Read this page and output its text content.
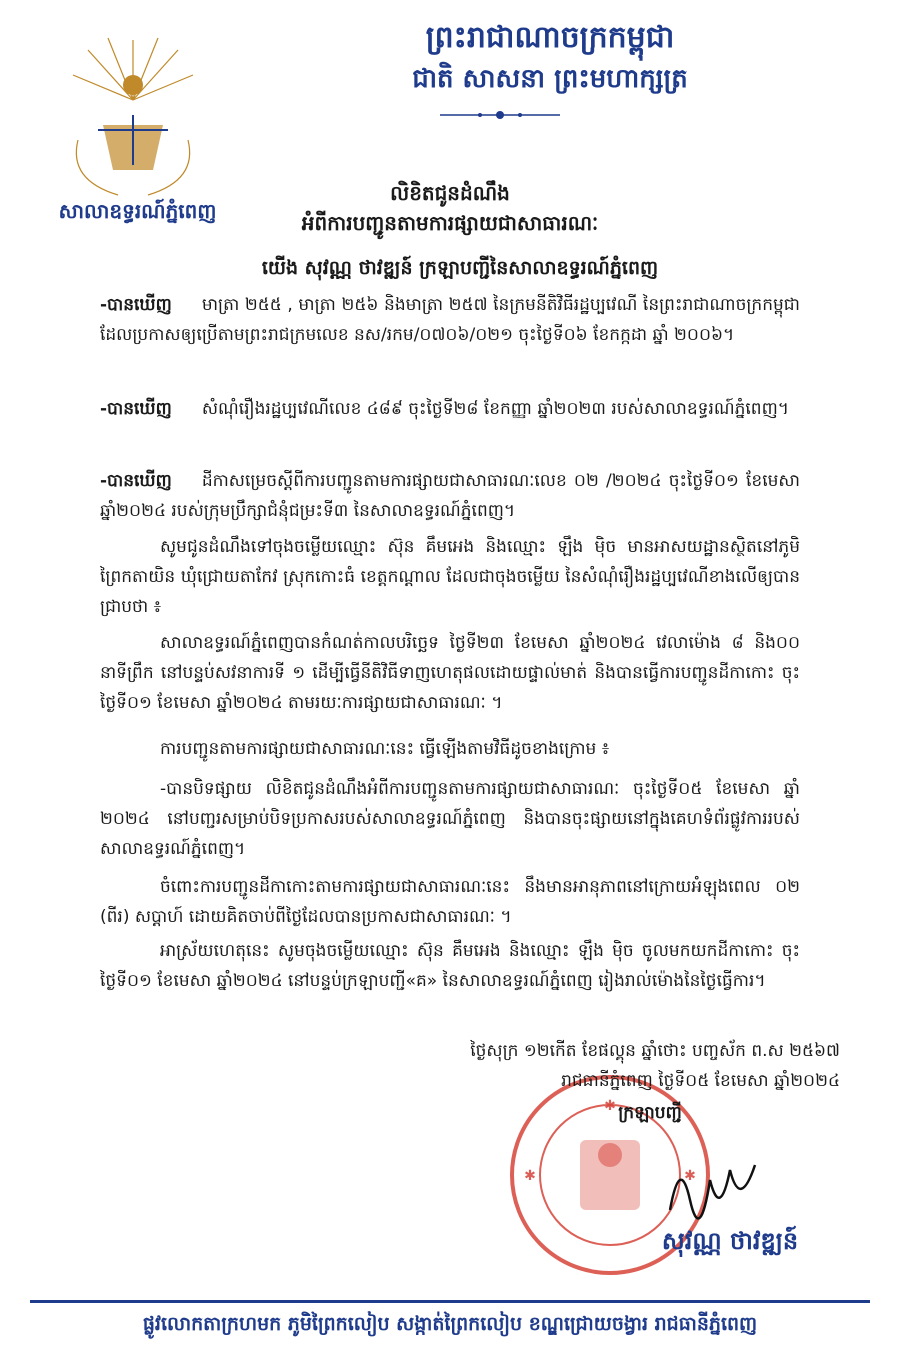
ព្រះរាជាណាចក្រកម្ពុជា
ជាតិ សាសនា ព្រះមហាក្សត្រ
សាលាឧទ្ធរណ៍ភ្នំពេញ
លិខិតជូនដំណឹង
អំពីការបញ្ជូនតាមការផ្សាយជាសាធារណៈ
យើង សុវណ្ណ ថាវឌ្ឍន៍ ក្រឡាបញ្ជីនៃសាលាឧទ្ធរណ៍ភ្នំពេញ
-បានឃើញ មាត្រា ២៥៥ , មាត្រា ២៥៦ និងមាត្រា ២៥៧ នៃក្រមនីតិវិធីរដ្ឋប្បវេណី នៃព្រះរាជាណាចក្រកម្ពុជា ដែលប្រកាសឲ្យប្រើតាមព្រះរាជក្រមលេខ នស/រកម/០៧០៦/០២១ ចុះថ្ងៃទី០៦ ខែកក្កដា ឆ្នាំ ២០០៦។
-បានឃើញ សំណុំរឿងរដ្ឋប្បវេណីលេខ ៤៨៩ ចុះថ្ងៃទី២៨ ខែកញ្ញា ឆ្នាំ២០២៣ របស់សាលាឧទ្ធរណ៍ភ្នំពេញ។
-បានឃើញ ដីកាសម្រេចស្តីពីការបញ្ជូនតាមការផ្សាយជាសាធារណៈលេខ ០២ /២០២៤ ចុះថ្ងៃទី០១ ខែមេសា ឆ្នាំ២០២៤ របស់ក្រុមប្រឹក្សាជំនុំជម្រះទី៣ នៃសាលាឧទ្ធរណ៍ភ្នំពេញ។
សូមជូនដំណឹងទៅចុងចម្លើយឈ្មោះ ស៊ុន គឹមអេង និងឈ្មោះ ឡឹង ម៉ិច មានអាសយដ្ឋានស្ថិតនៅភូមិព្រៃកតាយិន ឃុំជ្រោយតាកែវ ស្រុកកោះធំ ខេត្តកណ្តាល ដែលជាចុងចម្លើយ នៃសំណុំរឿងរដ្ឋប្បវេណីខាងលើឲ្យបានជ្រាបថា ៖
សាលាឧទ្ធរណ៍ភ្នំពេញបានកំណត់កាលបរិច្ឆេទ ថ្ងៃទី២៣ ខែមេសា ឆ្នាំ២០២៤ វេលាម៉ោង ៨ និង០០ នាទីព្រឹក នៅបន្ទប់សវនាការទី ១ ដើម្បីធ្វើនីតិវិធីទាញហេតុផលដោយផ្ទាល់មាត់ និងបានធ្វើការបញ្ជូនដីកាកោះ ចុះថ្ងៃទី០១ ខែមេសា ឆ្នាំ២០២៤ តាមរយៈការផ្សាយជាសាធារណៈ ។
ការបញ្ជូនតាមការផ្សាយជាសាធារណៈនេះ ធ្វើឡើងតាមវិធីដូចខាងក្រោម ៖
-បានបិទផ្សាយ លិខិតជូនដំណឹងអំពីការបញ្ជូនតាមការផ្សាយជាសាធារណៈ ចុះថ្ងៃទី០៥ ខែមេសា ឆ្នាំ ២០២៤ នៅបញ្ជរសម្រាប់បិទប្រកាសរបស់សាលាឧទ្ធរណ៍ភ្នំពេញ និងបានចុះផ្សាយនៅក្នុងគេហទំព័រផ្លូវការរបស់សាលាឧទ្ធរណ៍ភ្នំពេញ។
ចំពោះការបញ្ជូនដីកាកោះតាមការផ្សាយជាសាធារណៈនេះ នឹងមានអានុភាពនៅក្រោយអំឡុងពេល ០២ (ពីរ) សប្តាហ៍ ដោយគិតចាប់ពីថ្ងៃដែលបានប្រកាសជាសាធារណៈ ។
អាស្រ័យហេតុនេះ សូមចុងចម្លើយឈ្មោះ ស៊ុន គឹមអេង និងឈ្មោះ ឡឹង ម៉ិច ចូលមកយកដីកាកោះ ចុះថ្ងៃទី០១ ខែមេសា ឆ្នាំ២០២៤ នៅបន្ទប់ក្រឡាបញ្ជី«គ» នៃសាលាឧទ្ធរណ៍ភ្នំពេញ រៀងរាល់ម៉ោងនៃថ្ងៃធ្វើការ។
✱
✱	✱
ថ្ងៃសុក្រ ១២កេីត ខែផល្គុន ឆ្នាំថោះ បញ្ចស័ក ព.ស ២៥៦៧
រាជធានីភ្នំពេញ ថ្ងៃទី០៥ ខែមេសា ឆ្នាំ២០២៤
ក្រឡាបញ្ជី
សុវណ្ណ ថាវឌ្ឍន៍
ផ្លូវលោកតាក្រហមក ភូមិព្រៃកលៀប សង្កាត់ព្រៃកលៀប ខណ្ឌជ្រោយចង្វារ រាជធានីភ្នំពេញ
